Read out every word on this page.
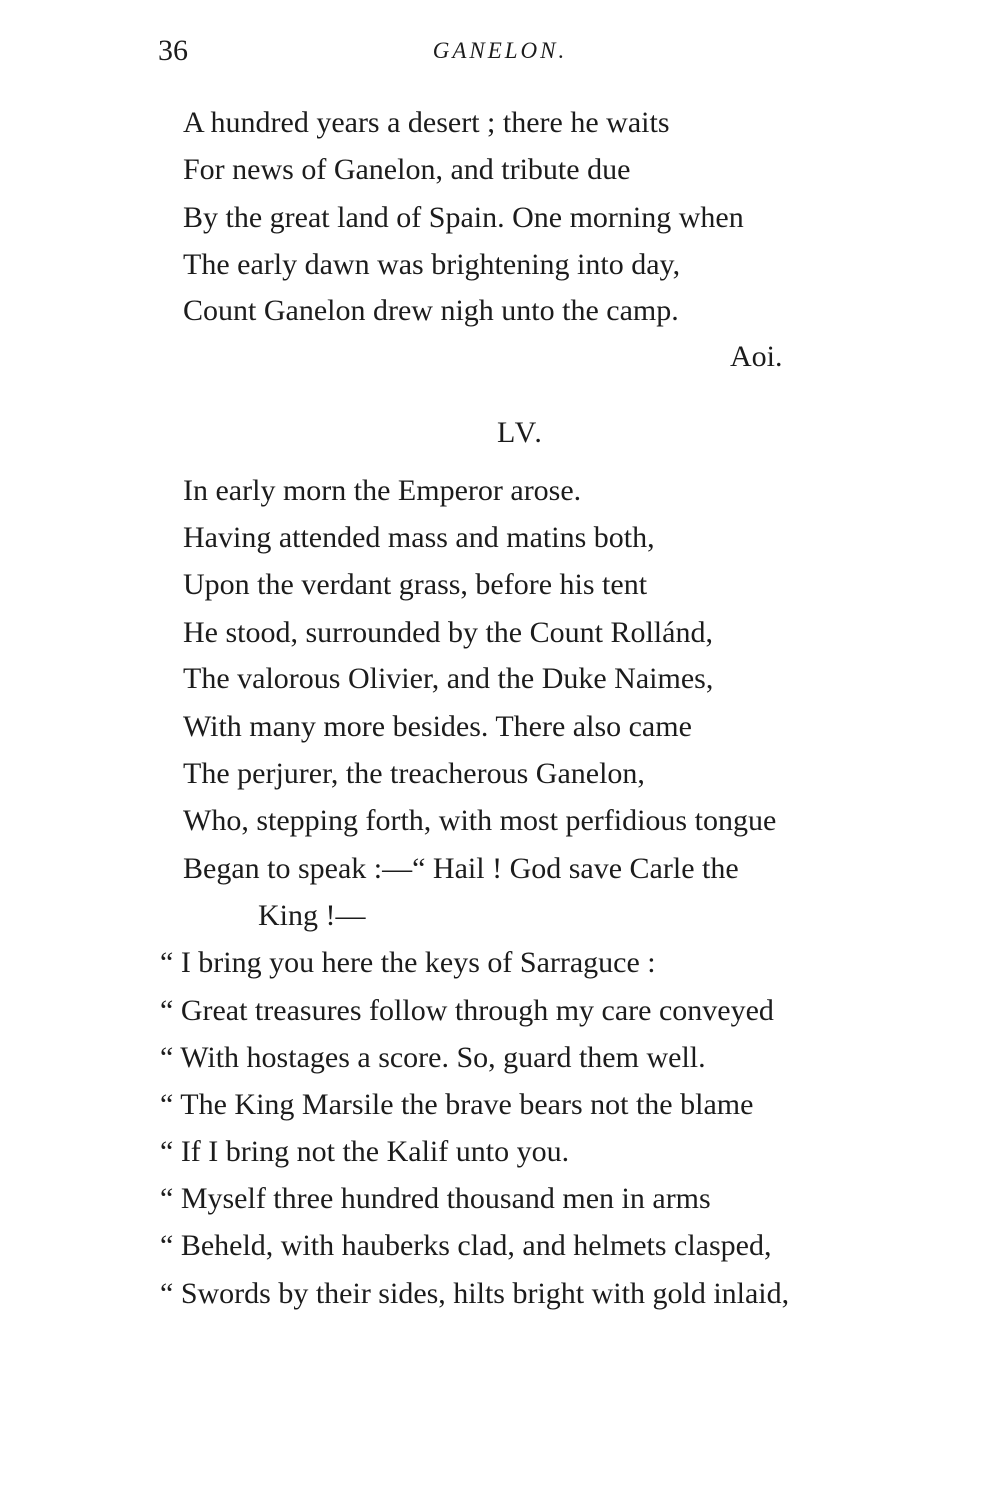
36	GANELON.
A hundred years a desert ; there he waits
For news of Ganelon, and tribute due
By the great land of Spain. One morning when
The early dawn was brightening into day,
Count Ganelon drew nigh unto the camp.
Aoi.
LV.
In early morn the Emperor arose.
Having attended mass and matins both,
Upon the verdant grass, before his tent
He stood, surrounded by the Count Rollánd,
The valorous Olivier, and the Duke Naimes,
With many more besides. There also came
The perjurer, the treacherous Ganelon,
Who, stepping forth, with most perfidious tongue
Began to speak :—“ Hail ! God save Carle the
King !—
“ I bring you here the keys of Sarraguce :
“ Great treasures follow through my care conveyed
“ With hostages a score. So, guard them well.
“ The King Marsile the brave bears not the blame
“ If I bring not the Kalif unto you.
“ Myself three hundred thousand men in arms
“ Beheld, with hauberks clad, and helmets clasped,
“ Swords by their sides, hilts bright with gold inlaid,
